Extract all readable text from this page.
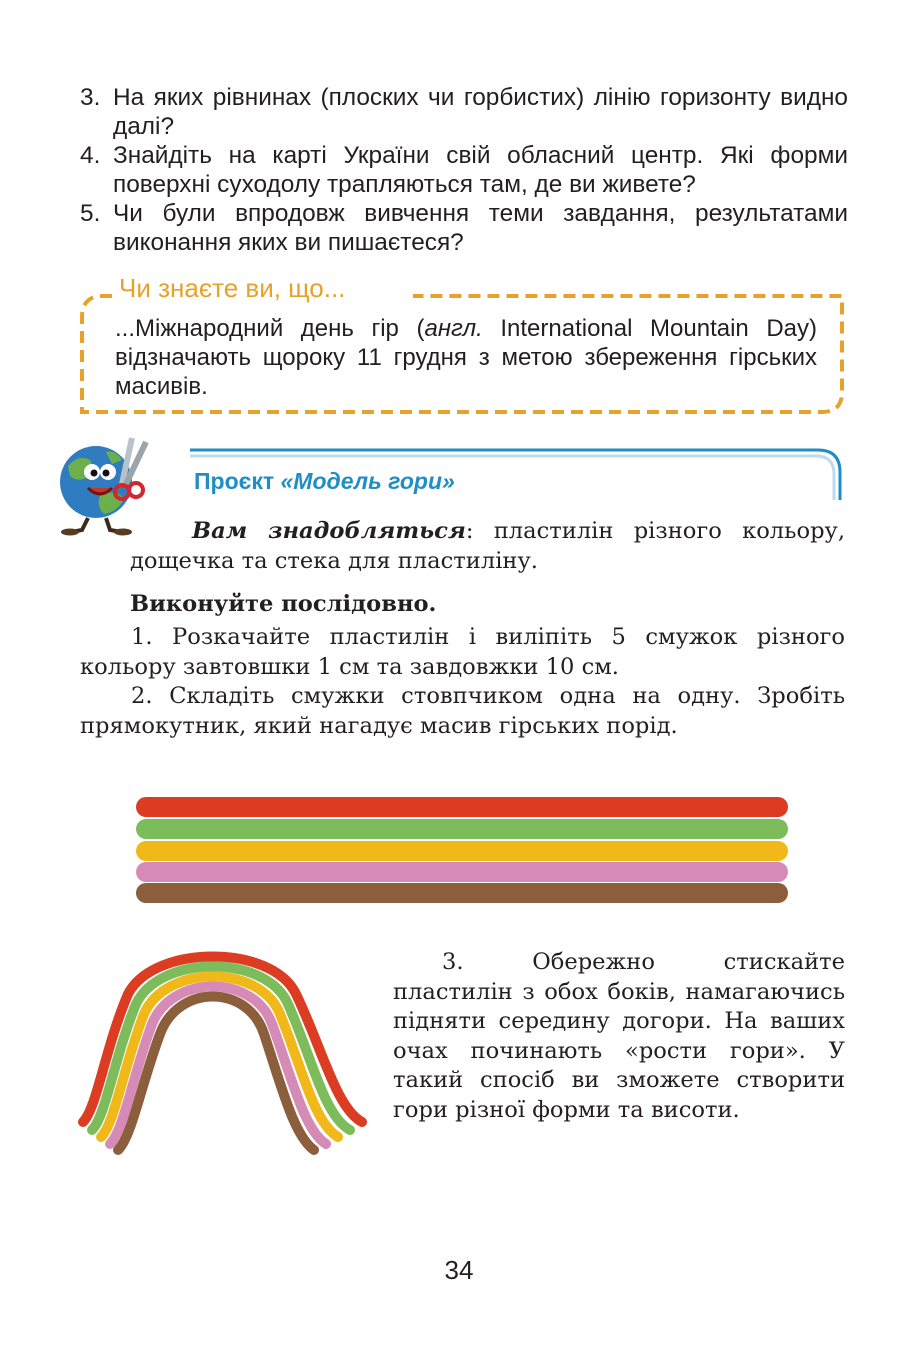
3. На яких рівнинах (плоских чи горбистих) лінію горизонту видно далі?
4. Знайдіть на карті України свій обласний центр. Які форми поверхні суходолу трапляються там, де ви живете?
5. Чи були впродовж вивчення теми завдання, результатами виконання яких ви пишаєтеся?
Чи знаєте ви, що...
...Міжнародний день гір (англ. International Mountain Day) відзначають щороку 11 грудня з метою збереження гірських масивів.
Проєкт «Модель гори»

Вам знадобляться: пластилін різного кольору, дощечка та стека для пластиліну.

Виконуйте послідовно.

1. Розкачайте пластилін і виліпіть 5 смужок різного кольору завтовшки 1 см та завдовжки 10 см.

2. Складіть смужки стовпчиком одна на одну. Зробіть прямокутник, який нагадує масив гірських порід.

3. Обережно стискайте пластилін з обох боків, намагаючись підняти середину догори. На ваших очах починають «рости гори». У такий спосіб ви зможете створити гори різної форми та висоти.

34
